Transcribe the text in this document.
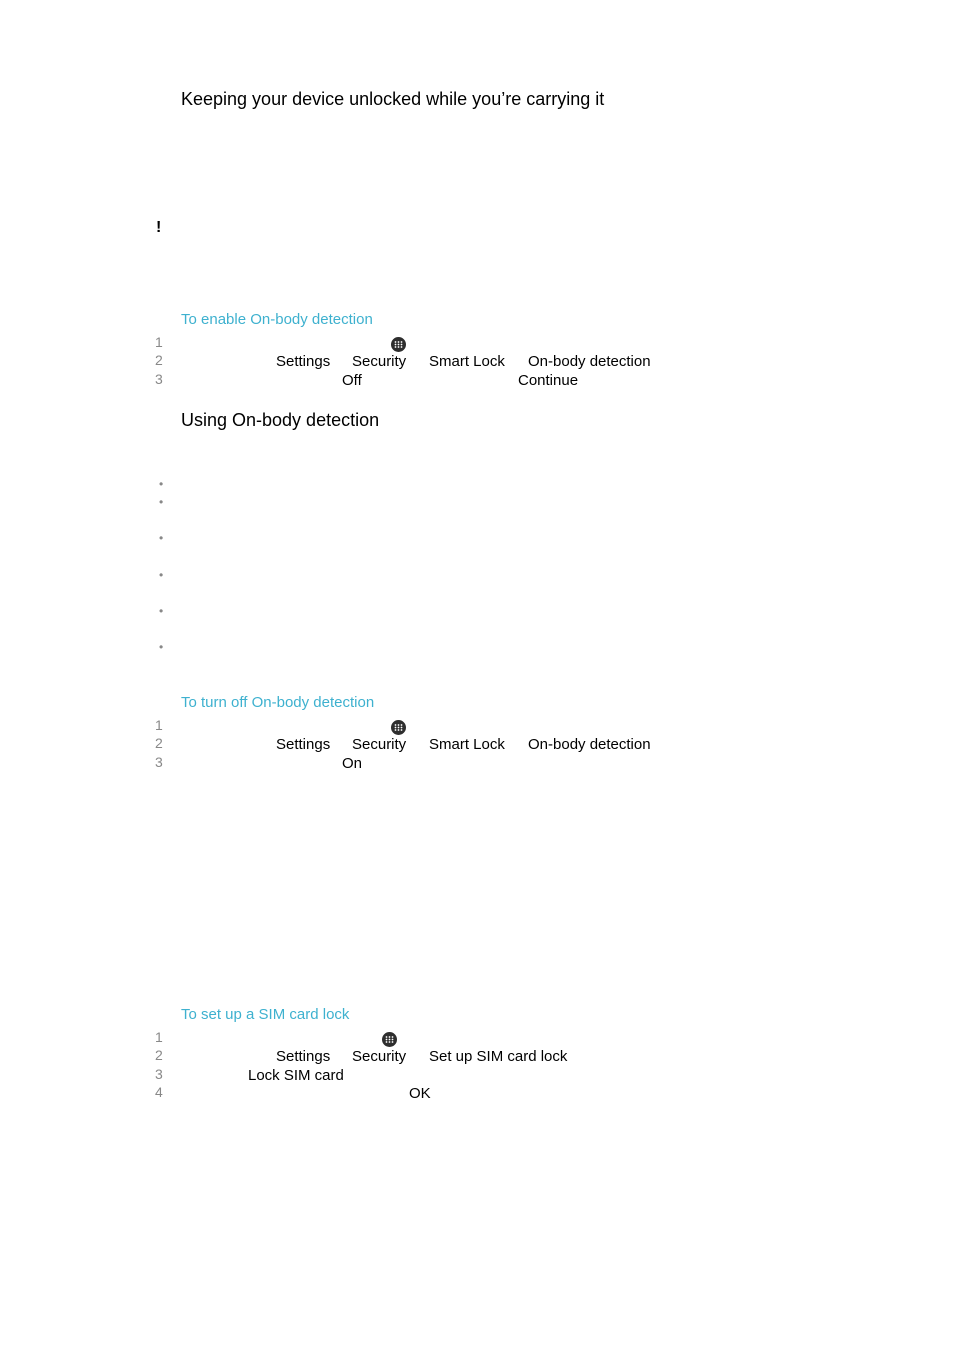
Keeping your device unlocked while you’re carrying it
!
To enable On-body detection
1
2	Settings Security Smart Lock On-body detection
3	Off	Continue
Using On-body detection
•
•
•
•
•
•
To turn off On-body detection
1
2	Settings Security Smart Lock On-body detection
3	On
To set up a SIM card lock
1
2	Settings Security Set up SIM card lock
3	Lock SIM card
4	OK
